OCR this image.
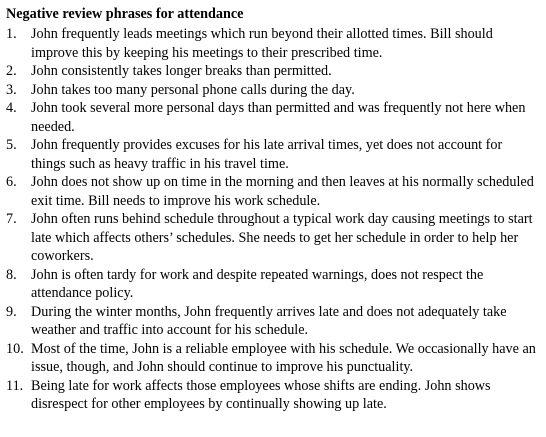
Negative review phrases for attendance
1.	John frequently leads meetings which run beyond their allotted times. Bill should improve this by keeping his meetings to their prescribed time.
2.	John consistently takes longer breaks than permitted.
3.	John takes too many personal phone calls during the day.
4.	John took several more personal days than permitted and was frequently not here when needed.
5.	John frequently provides excuses for his late arrival times, yet does not account for things such as heavy traffic in his travel time.
6.	John does not show up on time in the morning and then leaves at his normally scheduled exit time. Bill needs to improve his work schedule.
7.	John often runs behind schedule throughout a typical work day causing meetings to start late which affects others’ schedules. She needs to get her schedule in order to help her coworkers.
8.	John is often tardy for work and despite repeated warnings, does not respect the attendance policy.
9.	During the winter months, John frequently arrives late and does not adequately take weather and traffic into account for his schedule.
10. Most of the time, John is a reliable employee with his schedule. We occasionally have an issue, though, and John should continue to improve his punctuality.
11. Being late for work affects those employees whose shifts are ending. John shows disrespect for other employees by continually showing up late.
